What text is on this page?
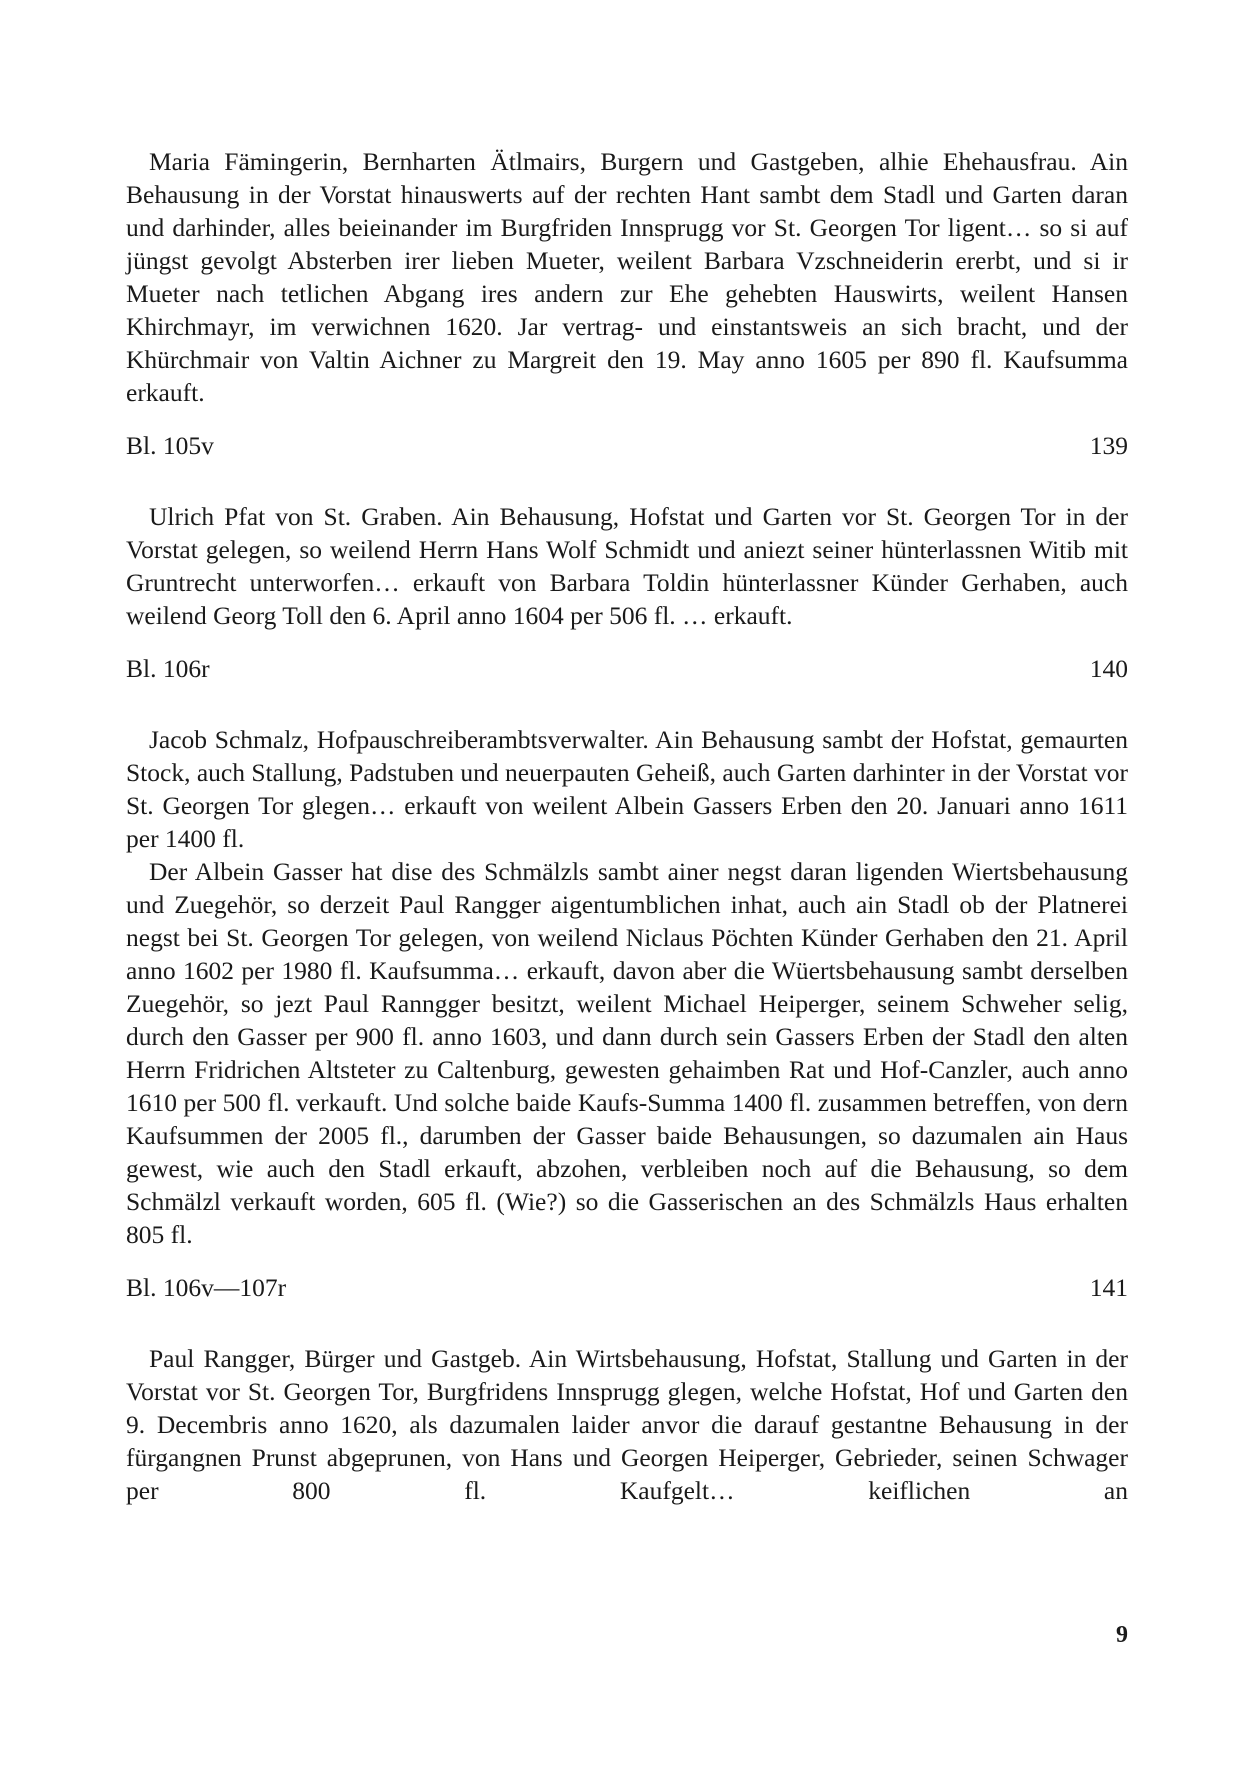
Maria Fämingerin, Bernharten Ätlmairs, Burgern und Gastgeben, alhie Ehehausfrau. Ain Behausung in der Vorstat hinauswerts auf der rechten Hant sambt dem Stadl und Garten daran und darhinder, alles beieinander im Burgfriden Innsprugg vor St. Georgen Tor ligent… so si auf jüngst gevolgt Absterben irer lieben Mueter, weilent Barbara Vzschneiderin ererbt, und si ir Mueter nach tetlichen Abgang ires andern zur Ehe gehebten Hauswirts, weilent Hansen Khirchmayr, im verwichnen 1620. Jar vertrag- und einstantsweis an sich bracht, und der Khürchmair von Valtin Aichner zu Margreit den 19. May anno 1605 per 890 fl. Kaufsumma erkauft.

Bl. 105v	139

Ulrich Pfat von St. Graben. Ain Behausung, Hofstat und Garten vor St. Georgen Tor in der Vorstat gelegen, so weilend Herrn Hans Wolf Schmidt und aniezt seiner hünterlassnen Witib mit Gruntrecht unterworfen… erkauft von Barbara Toldin hünterlassner Künder Gerhaben, auch weilend Georg Toll den 6. April anno 1604 per 506 fl. … erkauft.

Bl. 106r	140

Jacob Schmalz, Hofpauschreiberambtsverwalter. Ain Behausung sambt der Hofstat, gemaurten Stock, auch Stallung, Padstuben und neuerpauten Geheiß, auch Garten darhinter in der Vorstat vor St. Georgen Tor glegen… erkauft von weilent Albein Gassers Erben den 20. Januari anno 1611 per 1400 fl.

Der Albein Gasser hat dise des Schmälzls sambt ainer negst daran ligenden Wiertsbehausung und Zuegehör, so derzeit Paul Rangger aigentumblichen inhat, auch ain Stadl ob der Platnerei negst bei St. Georgen Tor gelegen, von weilend Niclaus Pöchten Künder Gerhaben den 21. April anno 1602 per 1980 fl. Kaufsumma… erkauft, davon aber die Wüertsbehausung sambt derselben Zuegehör, so jezt Paul Ranngger besitzt, weilent Michael Heiperger, seinem Schweher selig, durch den Gasser per 900 fl. anno 1603, und dann durch sein Gassers Erben der Stadl den alten Herrn Fridrichen Altsteter zu Caltenburg, gewesten gehaimben Rat und Hof-Canzler, auch anno 1610 per 500 fl. verkauft. Und solche baide Kaufs-Summa 1400 fl. zusammen betreffen, von dern Kaufsummen der 2005 fl., darumben der Gasser baide Behausungen, so dazumalen ain Haus gewest, wie auch den Stadl erkauft, abzohen, verbleiben noch auf die Behausung, so dem Schmälzl verkauft worden, 605 fl. (Wie?) so die Gasserischen an des Schmälzls Haus erhalten 805 fl.

Bl. 106v—107r	141

Paul Rangger, Bürger und Gastgeb. Ain Wirtsbehausung, Hofstat, Stallung und Garten in der Vorstat vor St. Georgen Tor, Burgfridens Innsprugg glegen, welche Hofstat, Hof und Garten den 9. Decembris anno 1620, als dazumalen laider anvor die darauf gestantne Behausung in der fürgangnen Prunst abgeprunen, von Hans und Georgen Heiperger, Gebrieder, seinen Schwager per 800 fl. Kaufgelt… keiflichen an

9
